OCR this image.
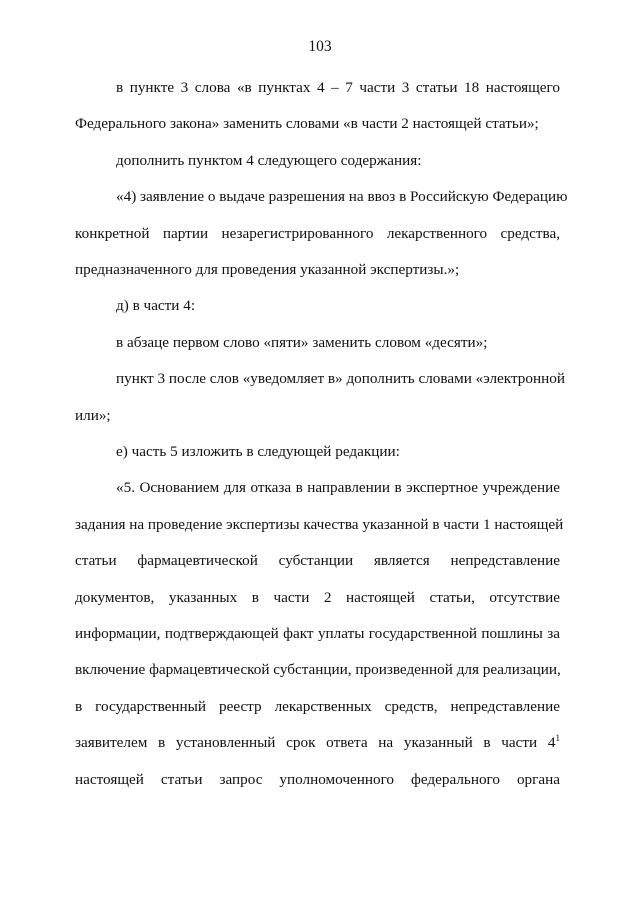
103
в пункте 3 слова «в пунктах 4 – 7 части 3 статьи 18 настоящего
Федерального закона» заменить словами «в части 2 настоящей статьи»;
дополнить пунктом 4 следующего содержания:
«4) заявление о выдаче разрешения на ввоз в Российскую Федерацию
конкретной партии незарегистрированного лекарственного средства,
предназначенного для проведения указанной экспертизы.»;
д) в части 4:
в абзаце первом слово «пяти» заменить словом «десяти»;
пункт 3 после слов «уведомляет в» дополнить словами «электронной
или»;
е) часть 5 изложить в следующей редакции:
«5. Основанием для отказа в направлении в экспертное учреждение
задания на проведение экспертизы качества указанной в части 1 настоящей
статьи фармацевтической субстанции является непредставление
документов, указанных в части 2 настоящей статьи, отсутствие
информации, подтверждающей факт уплаты государственной пошлины за
включение фармацевтической субстанции, произведенной для реализации,
в государственный реестр лекарственных средств, непредставление
заявителем в установленный срок ответа на указанный в части $4^1$
настоящей статьи запрос уполномоченного федерального органа
